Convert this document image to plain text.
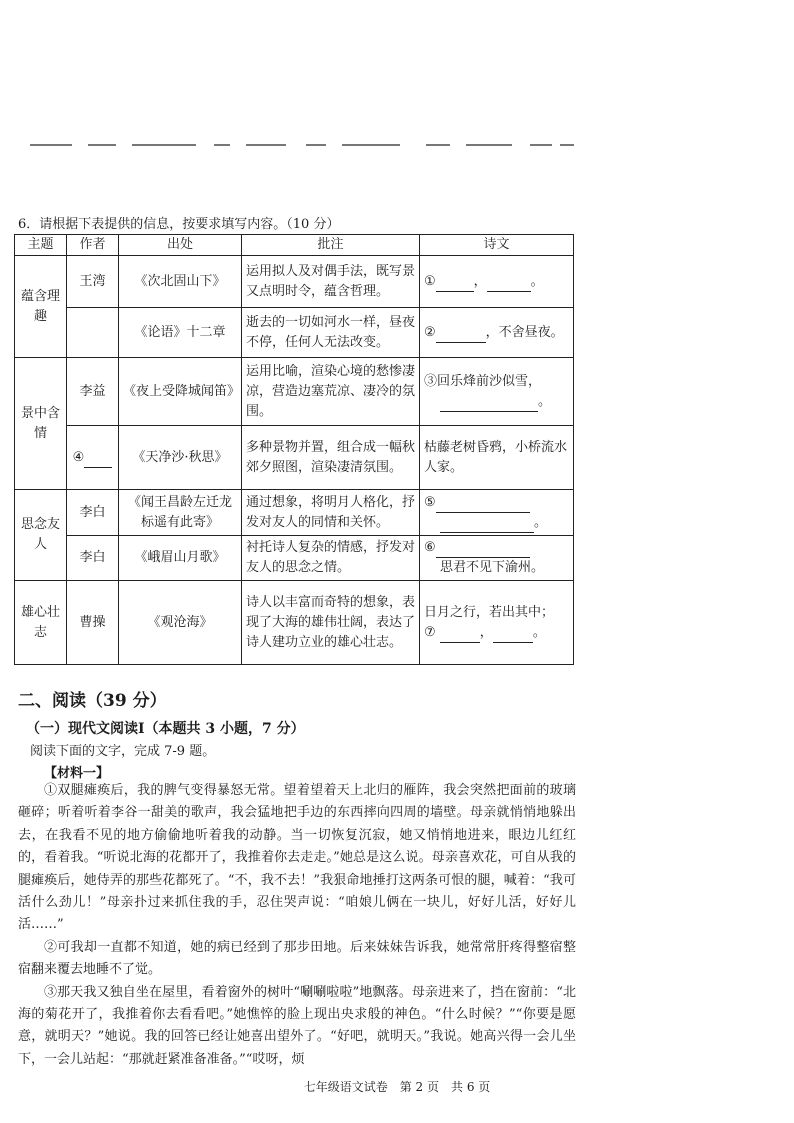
6．请根据下表提供的信息，按要求填写内容。（10 分）
主题	作者	出处	批注	诗文
蕴含理趣	王湾	《次北固山下》	运用拟人及对偶手法，既写景又点明时令，蕴含哲理。	① ， 。
		《论语》十二章	逝去的一切如河水一样，昼夜不停，任何人无法改变。	② ，不舍昼夜。
景中含情	李益	《夜上受降城闻笛》	运用比喻，渲染心境的愁惨凄凉，营造边塞荒凉、凄冷的氛围。	③回乐烽前沙似雪，
。

	④	《天净沙·秋思》	多种景物并置，组合成一幅秋郊夕照图，渲染凄清氛围。	枯藤老树昏鸦，小桥流水人家。
思念友人	李白	《闻王昌龄左迁龙标遥有此寄》	通过想象，将明月人格化，抒发对友人的同情和关怀。	⑤
。

	李白	《峨眉山月歌》	衬托诗人复杂的情感，抒发对友人的思念之情。	⑥
思君不见下渝州。

雄心壮志	曹操	《观沧海》	诗人以丰富而奇特的想象，表现了大海的雄伟壮阔，表达了诗人建功立业的雄心壮志。	日月之行，若出其中；
⑦ ， 。
二、阅读（39 分）
（一）现代文阅读Ⅰ（本题共 3 小题，7 分）
阅读下面的文字，完成 7-9 题。
【材料一】

①双腿瘫痪后，我的脾气变得暴怒无常。望着望着天上北归的雁阵，我会突然把面前的玻璃砸碎；听着听着李谷一甜美的歌声，我会猛地把手边的东西摔向四周的墙壁。母亲就悄悄地躲出去，在我看不见的地方偷偷地听着我的动静。当一切恢复沉寂，她又悄悄地进来，眼边儿红红的，看着我。“听说北海的花都开了，我推着你去走走。”她总是这么说。母亲喜欢花，可自从我的腿瘫痪后，她侍弄的那些花都死了。“不，我不去！”我狠命地捶打这两条可恨的腿，喊着：“我可活什么劲儿！”母亲扑过来抓住我的手，忍住哭声说：“咱娘儿俩在一块儿，好好儿活，好好儿活……”

②可我却一直都不知道，她的病已经到了那步田地。后来妹妹告诉我，她常常肝疼得整宿整宿翻来覆去地睡不了觉。

③那天我又独自坐在屋里，看着窗外的树叶“唰唰啦啦”地飘落。母亲进来了，挡在窗前：“北海的菊花开了，我推着你去看看吧。”她憔悴的脸上现出央求般的神色。“什么时候？”“你要是愿意，就明天？”她说。我的回答已经让她喜出望外了。“好吧，就明天。”我说。她高兴得一会儿坐下，一会儿站起：“那就赶紧准备准备。”“哎呀，烦

七年级语文试卷　第 2 页　共 6 页
